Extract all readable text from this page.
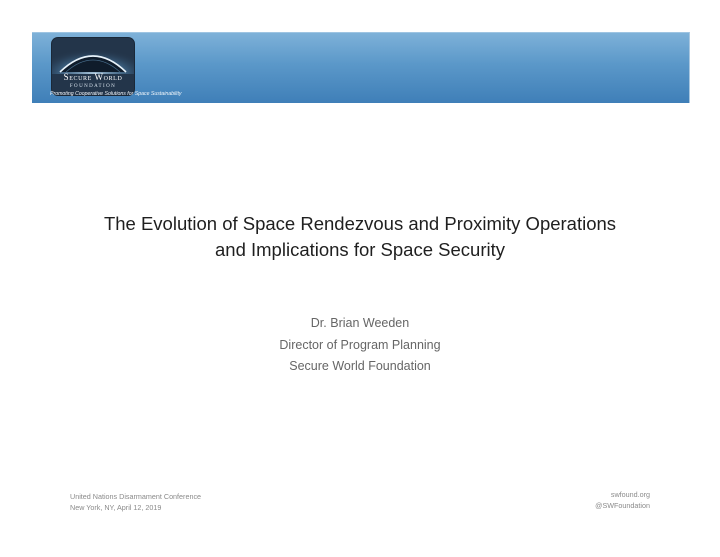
Secure World
FOUNDATION
Promoting Cooperative Solutions for Space Sustainability
The Evolution of Space Rendezvous and Proximity Operations
and Implications for Space Security
Dr. Brian Weeden
Director of Program Planning
Secure World Foundation
United Nations Disarmament Conference
New York, NY, April 12, 2019
swfound.org
@SWFoundation
